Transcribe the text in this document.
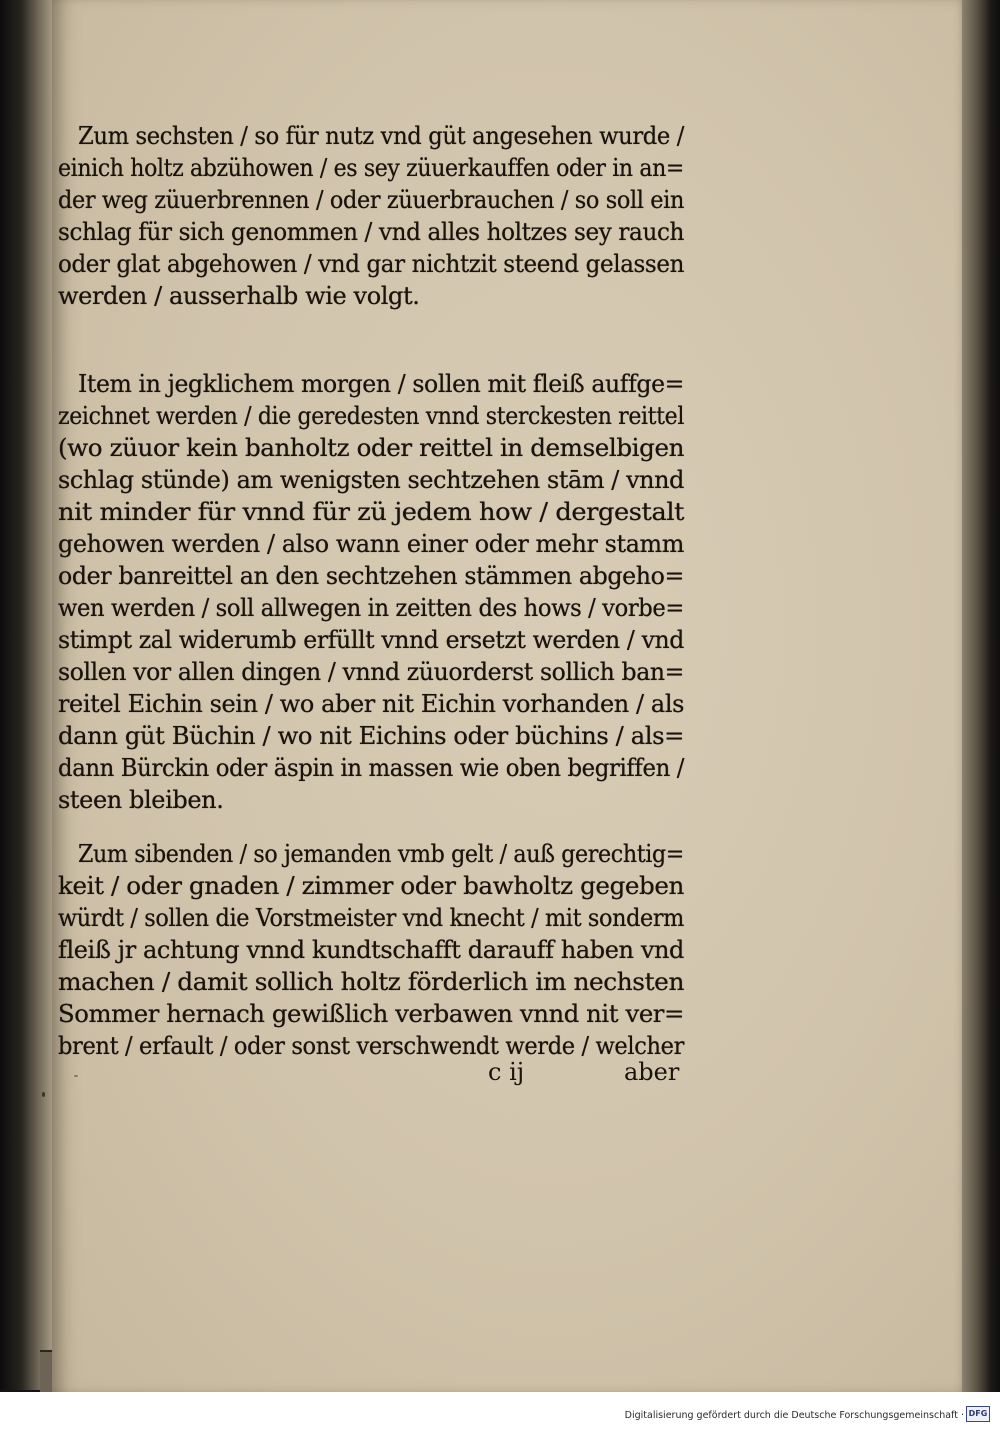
Zum sechsten / so für nutz vnd güt angesehen wurde /
einich holtz abzühowen / es sey züuerkauffen oder in an=
der weg züuerbrennen / oder züuerbrauchen / so soll ein
schlag für sich genommen / vnd alles holtzes sey rauch
oder glat abgehowen / vnd gar nichtzit steend gelassen
werden / ausserhalb wie volgt.
Item in jegklichem morgen / sollen mit fleiß auffge=
zeichnet werden / die geredesten vnnd sterckesten reittel
(wo züuor kein banholtz oder reittel in demselbigen
schlag stünde) am wenigsten sechtzehen stām / vnnd
nit minder für vnnd für zü jedem how / dergestalt
gehowen werden / also wann einer oder mehr stamm
oder banreittel an den sechtzehen stämmen abgeho=
wen werden / soll allwegen in zeitten des hows / vorbe=
stimpt zal widerumb erfüllt vnnd ersetzt werden / vnd
sollen vor allen dingen / vnnd züuorderst sollich ban=
reitel Eichin sein / wo aber nit Eichin vorhanden / als
dann güt Büchin / wo nit Eichins oder büchins / als=
dann Bürckin oder äspin in massen wie oben begriffen /
steen bleiben.
Zum sibenden / so jemanden vmb gelt / auß gerechtig=
keit / oder gnaden / zimmer oder bawholtz gegeben
würdt / sollen die Vorstmeister vnd knecht / mit sonderm
fleiß jr achtung vnnd kundtschafft darauff haben vnd
machen / damit sollich holtz förderlich im nechsten
Sommer hernach gewißlich verbawen vnnd nit ver=
brent / erfault / oder sonst verschwendt werde / welcher
c ij	aber
Digitalisierung gefördert durch die Deutsche Forschungsgemeinschaft · DFG
